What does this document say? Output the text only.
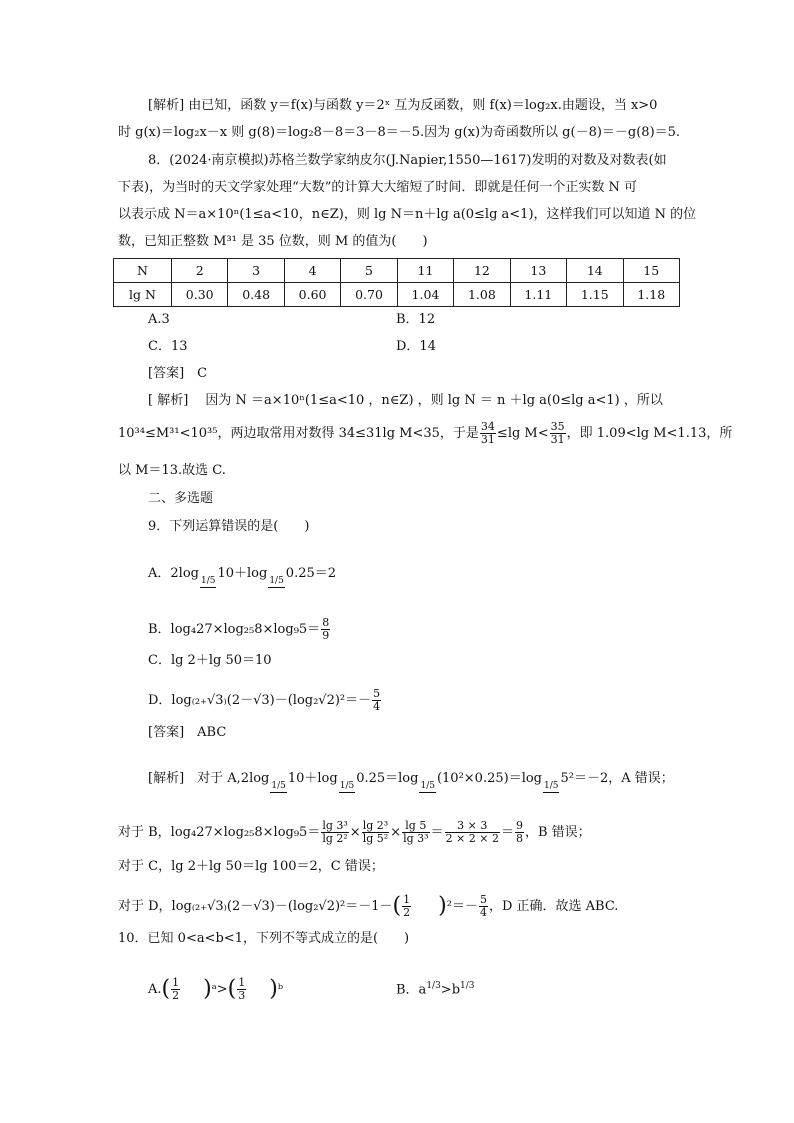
[解析] 由已知，函数 y＝f(x)与函数 y＝2ˣ 互为反函数，则 f(x)＝log₂x.由题设，当 x>0
时 g(x)＝log₂x－x 则 g(8)＝log₂8－8＝3－8＝－5.因为 g(x)为奇函数所以 g(－8)＝－g(8)＝5.
8．(2024·南京模拟)苏格兰数学家纳皮尔(J.Napier,1550—1617)发明的对数及对数表(如
下表)，为当时的天文学家处理“大数”的计算大大缩短了时间．即就是任何一个正实数 N 可
以表示成 N＝a×10ⁿ(1≤a<10，n∈Z)，则 lg N＝n＋lg a(0≤lg a<1)，这样我们可以知道 N 的位
数，已知正整数 M³¹ 是 35 位数，则 M 的值为(　　)
N	2	3	4	5	11	12	13	14	15
lg N	0.30	0.48	0.60	0.70	1.04	1.08	1.11	1.15	1.18
A.3	B．12
C．13	D．14
[答案]　C
[ 解析]　 因为 N ＝a×10ⁿ(1≤a<10 ，n∈Z) ，则 lg N ＝ n ＋lg a(0≤lg a<1) ，所以
10³⁴≤M³¹<10³⁵，两边取常用对数得 34≤31lg M<35，于是 $\frac{34}{31} \le\lg$ $M< \frac{35}{31}$ ，即 1.09<lg M<1.13，所
以 M＝13.故选 C.
二、多选题
9．下列运算错误的是(　　)
A．2log 1/5 10＋log 1/5 0.25＝2
B．$\log_427\times\log_{25}8\times\log_95= \frac{8}{9}$
C．lg 2＋lg 50＝10
D．$\log_{(2+}√3_)(2-√3)-(\log_2√2)^2=- \frac{5}{4}$
[答案]　ABC
[解析]　对于 A,2log 1/5 10＋log 1/5 0.25＝log 1/5 (10²×0.25)＝log 1/5 5²＝－2，A 错误；
对于 B，$\log_427\times\log_{25}8\times\log_95= \frac{\text{lg 3³}}{\text{lg 2²}} \times \frac{\text{lg 2³}}{\text{lg 5²}} \times \frac{\lg 5}{\text{lg 3³}} = \frac{3 \times 3}{2 \times 2 \times 2} = \frac{9}{8}$ ，B 错误；
对于 C，lg 2＋lg 50＝lg 100＝2，C 错误；
对于 D，$\log_{(2+}√3_)(2-√3)-(\log_2√2)^2=-1-( \frac{1}{2} )^2=- \frac{5}{4}$ ，D 正确．故选 ABC.
10．已知 0<a<b<1，下列不等式成立的是(　　)
$A.( \frac{1}{2}$ )ᵃ>( $\frac{1}{3}$ )ᵇ	B．$a^{1/3}>b^{1/3}$
